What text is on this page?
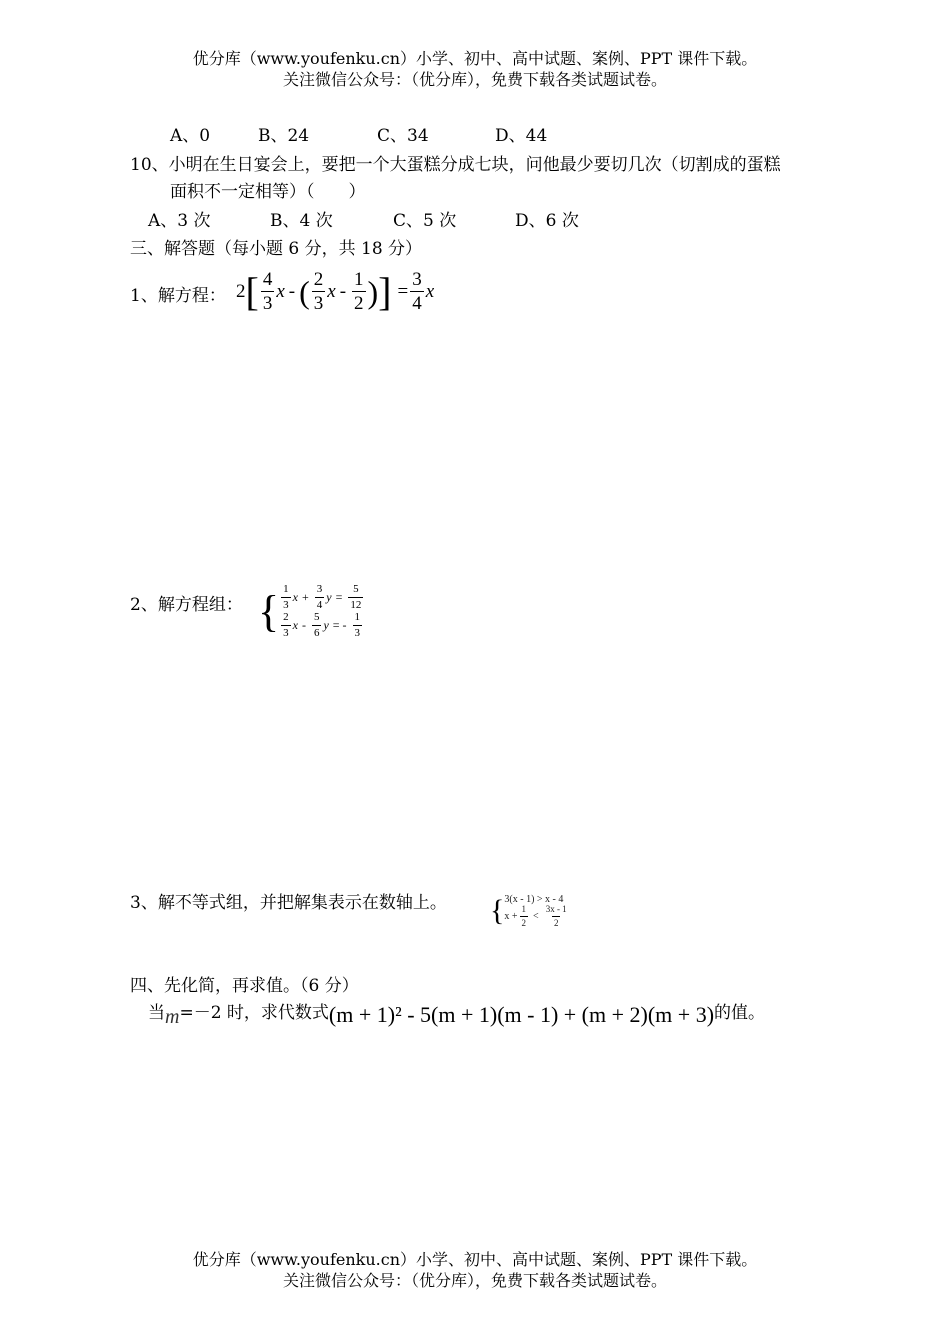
优分库（www.youfenku.cn）小学、初中、高中试题、案例、PPT 课件下载。
关注微信公众号：（优分库），免费下载各类试题试卷。
A、0	B、24	C、34	D、44
10、小明在生日宴会上，要把一个大蛋糕分成七块，问他最少要切几次（切割成的蛋糕
面积不一定相等）（　　）
A、3 次	B、4 次	C、5 次	D、6 次
三、解答题（每小题 6 分，共 18 分）
1、解方程： 2 [ $\frac{4}{3}$ x - ( $\frac{2}{3}$ x - $\frac{1}{2}$ ) ] = $\frac{3}{4}$ x
2、解方程组： { $\frac{1}{3}$ $x + \frac{3}{4}$ $y = \frac{5}{12}$
$\frac{2}{3}$ x - $\frac{5}{6}$ y = - $\frac{1}{3}$
3、解不等式组，并把解集表示在数轴上。 { 3(x - 1) > x - 4
$x + \frac{1}{2} < \frac{3x - 1}{2}$
四、先化简，再求值。（6 分）
当 m =－2 时，求代数式 (m + 1)² - 5(m + 1)(m - 1) + (m + 2)(m + 3) 的值。
优分库（www.youfenku.cn）小学、初中、高中试题、案例、PPT 课件下载。
关注微信公众号：（优分库），免费下载各类试题试卷。
